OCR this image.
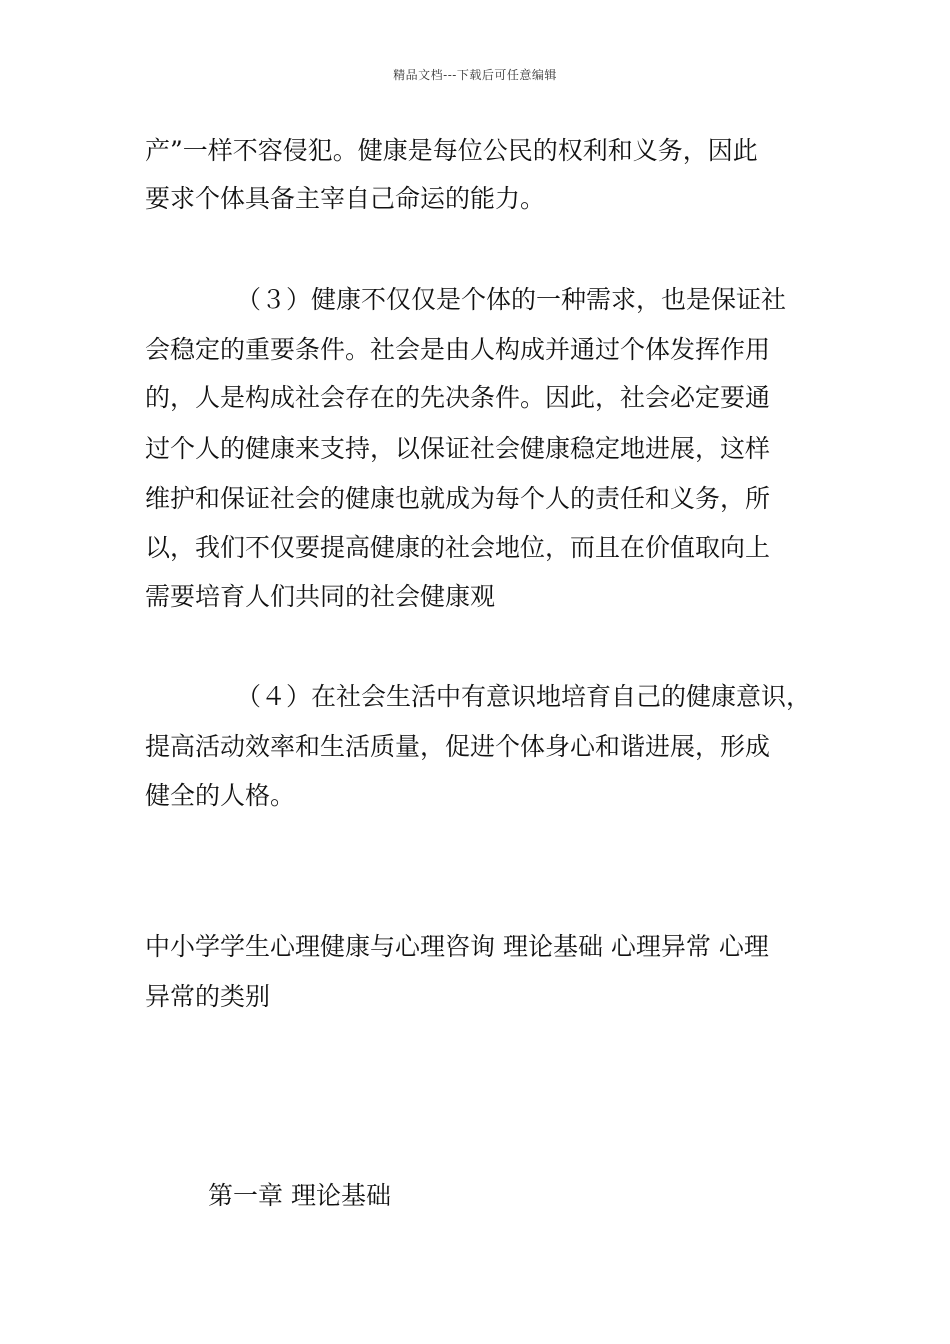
精品文档---下载后可任意编辑
产”一样不容侵犯。健康是每位公民的权利和义务，因此
要求个体具备主宰自己命运的能力。
（３）健康不仅仅是个体的一种需求，也是保证社
会稳定的重要条件。社会是由人构成并通过个体发挥作用
的，人是构成社会存在的先决条件。因此，社会必定要通
过个人的健康来支持，以保证社会健康稳定地进展，这样
维护和保证社会的健康也就成为每个人的责任和义务，所
以，我们不仅要提高健康的社会地位，而且在价值取向上
需要培育人们共同的社会健康观
（４）在社会生活中有意识地培育自己的健康意识，
提高活动效率和生活质量，促进个体身心和谐进展，形成
健全的人格。
中小学学生心理健康与心理咨询 理论基础 心理异常 心理
异常的类别
第一章 理论基础
